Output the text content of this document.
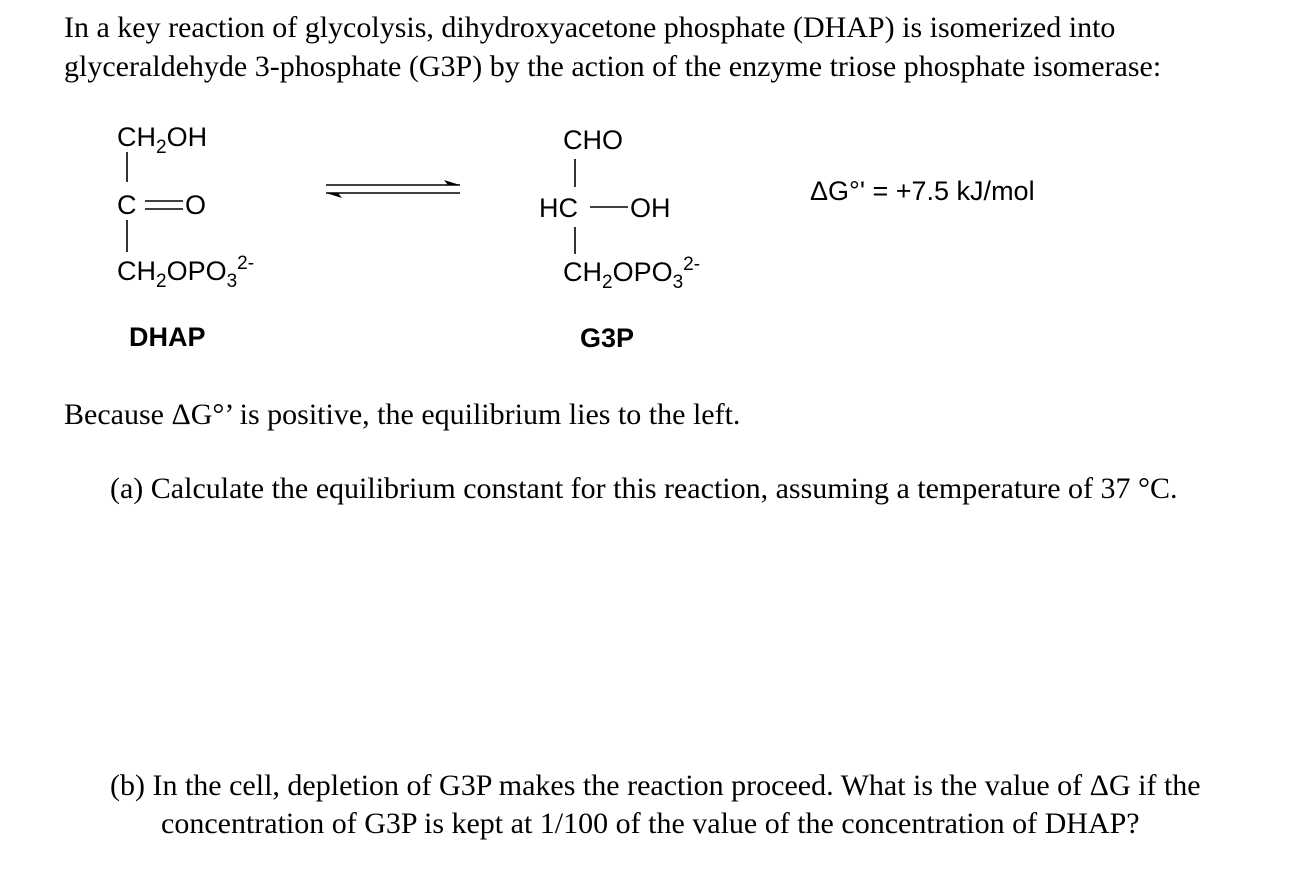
In a key reaction of glycolysis, dihydroxyacetone phosphate (DHAP) is isomerized into
glyceraldehyde 3-phosphate (G3P) by the action of the enzyme triose phosphate isomerase:
$CH_2OH$
C O
$CH_2OPO_3^{2-}$
DHAP
CHO
HC OH
$CH_2OPO_3^{2-}$
G3P
ΔG°' = +7.5 kJ/mol
Because ΔG°’ is positive, the equilibrium lies to the left.
(a) Calculate the equilibrium constant for this reaction, assuming a temperature of 37 °C.
(b) In the cell, depletion of G3P makes the reaction proceed. What is the value of ΔG if the
concentration of G3P is kept at 1/100 of the value of the concentration of DHAP?
